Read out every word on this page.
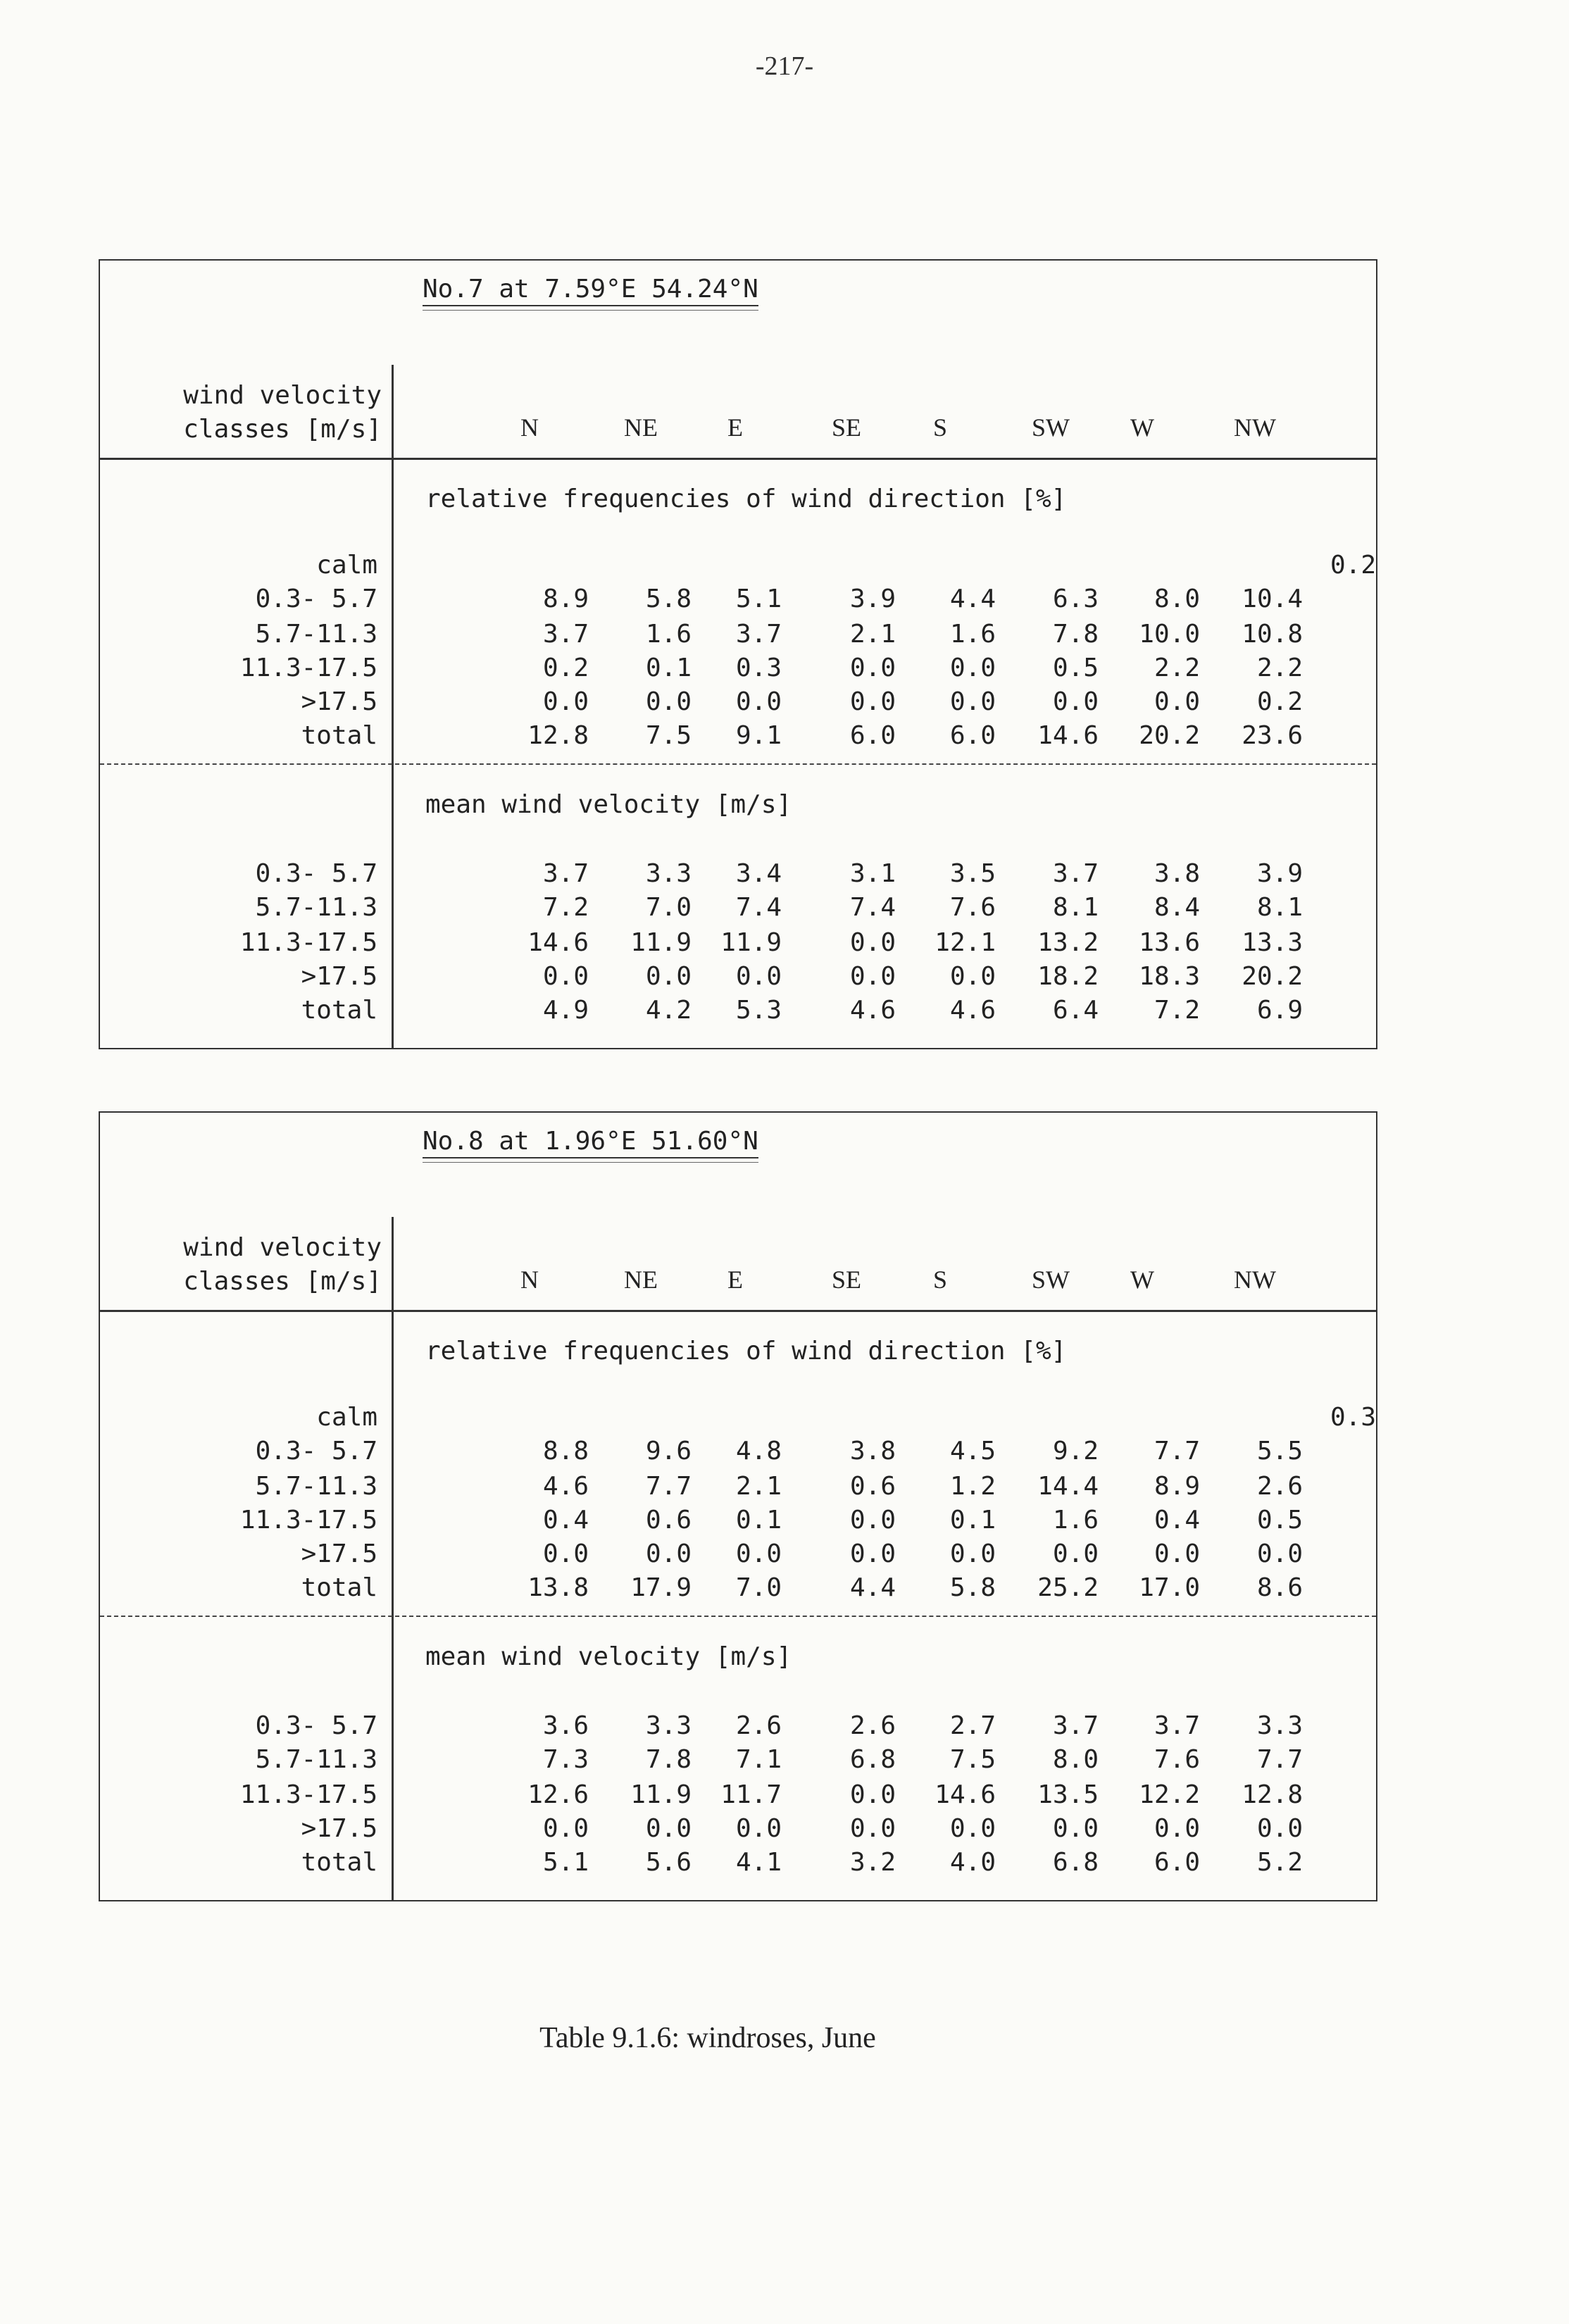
-217-
No.7 at 7.59°E 54.24°N
wind velocity
classes [m/s]	N	NE	E	SE	S	SW	W	NW
relative frequencies of wind direction [%]
mean wind velocity [m/s]
calm	0.2
0.3- 5.7	8.9	5.8	5.1	3.9	4.4	6.3	8.0	10.4
5.7-11.3	3.7	1.6	3.7	2.1	1.6	7.8	10.0	10.8
11.3-17.5	0.2	0.1	0.3	0.0	0.0	0.5	2.2	2.2
>17.5	0.0	0.0	0.0	0.0	0.0	0.0	0.0	0.2
total	12.8	7.5	9.1	6.0	6.0	14.6	20.2	23.6
0.3- 5.7	3.7	3.3	3.4	3.1	3.5	3.7	3.8	3.9
5.7-11.3	7.2	7.0	7.4	7.4	7.6	8.1	8.4	8.1
11.3-17.5	14.6	11.9	11.9	0.0	12.1	13.2	13.6	13.3
>17.5	0.0	0.0	0.0	0.0	0.0	18.2	18.3	20.2
total	4.9	4.2	5.3	4.6	4.6	6.4	7.2	6.9
No.8 at 1.96°E 51.60°N
wind velocity
classes [m/s]	N	NE	E	SE	S	SW	W	NW
relative frequencies of wind direction [%]
mean wind velocity [m/s]
calm	0.3
0.3- 5.7	8.8	9.6	4.8	3.8	4.5	9.2	7.7	5.5
5.7-11.3	4.6	7.7	2.1	0.6	1.2	14.4	8.9	2.6
11.3-17.5	0.4	0.6	0.1	0.0	0.1	1.6	0.4	0.5
>17.5	0.0	0.0	0.0	0.0	0.0	0.0	0.0	0.0
total	13.8	17.9	7.0	4.4	5.8	25.2	17.0	8.6
0.3- 5.7	3.6	3.3	2.6	2.6	2.7	3.7	3.7	3.3
5.7-11.3	7.3	7.8	7.1	6.8	7.5	8.0	7.6	7.7
11.3-17.5	12.6	11.9	11.7	0.0	14.6	13.5	12.2	12.8
>17.5	0.0	0.0	0.0	0.0	0.0	0.0	0.0	0.0
total	5.1	5.6	4.1	3.2	4.0	6.8	6.0	5.2
Table 9.1.6: windroses, June
